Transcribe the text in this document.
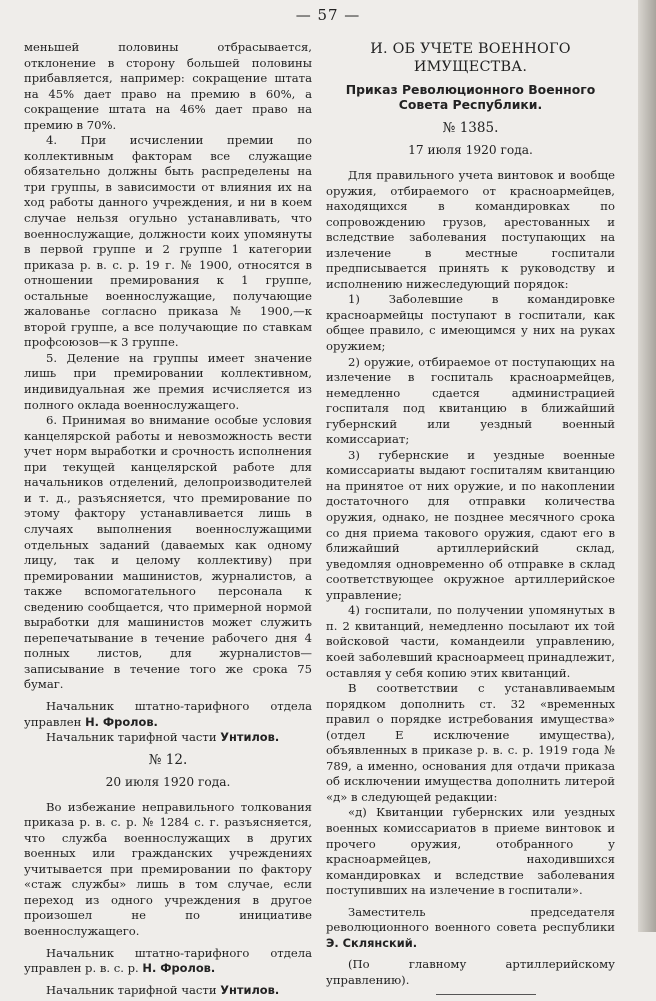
— 57 —

меньшей половины отбрасывается, отклонение в сторону большей половины прибавляется, например: сокращение штата на 45% дает право на премию в 60%, а сокращение штата на 46% дает право на премию в 70%.

4. При исчислении премии по коллективным факторам все служащие обязательно должны быть распределены на три группы, в зависимости от влияния их на ход работы данного учреждения, и ни в коем случае нельзя огульно устанавливать, что военнослужащие, должности коих упомянуты в первой группе и 2 группе 1 категории приказа р. в. с. р. 19 г. № 1900, относятся в отношении премирования к 1 группе, остальные военнослужащие, получающие жалованье согласно приказа № 1900,—к второй группе, а все получающие по ставкам профсоюзов—к 3 группе.

5. Деление на группы имеет значение лишь при премировании коллективном, индивидуальная же премия исчисляется из полного оклада военнослужащего.

6. Принимая во внимание особые условия канцелярской работы и невозможность вести учет норм выработки и срочность исполнения при текущей канцелярской работе для начальников отделений, делопроизводителей и т. д., разъясняется, что премирование по этому фактору устанавливается лишь в случаях выполнения военнослужащими отдельных заданий (даваемых как одному лицу, так и целому коллективу) при премировании машинистов, журналистов, а также вспомогательного персонала к сведению сообщается, что примерной нормой выработки для машинистов может служить перепечатывание в течение рабочего дня 4 полных листов, для журналистов—записывание в течение того же срока 75 бумаг.

Начальник штатно-тарифного отдела управлен Н. Фролов.

Начальник тарифной части Унтилов.

№ 12.

20 июля 1920 года.

Во избежание неправильного толкования приказа р. в. с. р. № 1284 с. г. разъясняется, что служба военнослужащих в других военных или гражданских учреждениях учитывается при премировании по фактору «стаж службы» лишь в том случае, если переход из одного учреждения в другое произошел не по инициативе военнослужащего.

Начальник штатно-тарифного отдела управлен р. в. с. р. Н. Фролов.

Начальник тарифной части Унтилов.

И. ОБ УЧЕТЕ ВОЕННОГО ИМУЩЕСТВА.

Приказ Революционного Военного Совета Республики.

№ 1385.

17 июля 1920 года.

Для правильного учета винтовок и вообще оружия, отбираемого от красноармейцев, находящихся в командировках по сопровождению грузов, арестованных и вследствие заболевания поступающих на излечение в местные госпитали предписывается принять к руководству и исполнению нижеследующий порядок:

1) Заболевшие в командировке красноармейцы поступают в госпитали, как общее правило, с имеющимся у них на руках оружием;

2) оружие, отбираемое от поступающих на излечение в госпиталь красноармейцев, немедленно сдается администрацией госпиталя под квитанцию в ближайший губернский или уездный военный комиссариат;

3) губернские и уездные военные комиссариаты выдают госпиталям квитанцию на принятое от них оружие, и по накоплении достаточного для отправки количества оружия, однако, не позднее месячного срока со дня приема такового оружия, сдают его в ближайший артиллерийский склад, уведомляя одновременно об отправке в склад соответствующее окружное артиллерийское управление;

4) госпитали, по получении упомянутых в п. 2 квитанций, немедленно посылают их той войсковой части, командеили управлению, коей заболевший красноармеец принадлежит, оставляя у себя копию этих квитанций.

В соответствии с устанавливаемым порядком дополнить ст. 32 «временных правил о порядке истребования имущества» (отдел Е исключение имущества), объявленных в приказе р. в. с. р. 1919 года № 789, а именно, основания для отдачи приказа об исключении имущества дополнить литерой «д» в следующей редакции:

«д) Квитанции губернских или уездных военных комиссариатов в приеме винтовок и прочего оружия, отобранного у красноармейцев, находившихся командировках и вследствие заболевания поступивших на излечение в госпитали».

Заместитель председателя революционного военного совета республики Э. Склянский.

(По главному артиллерийскому управлению).
